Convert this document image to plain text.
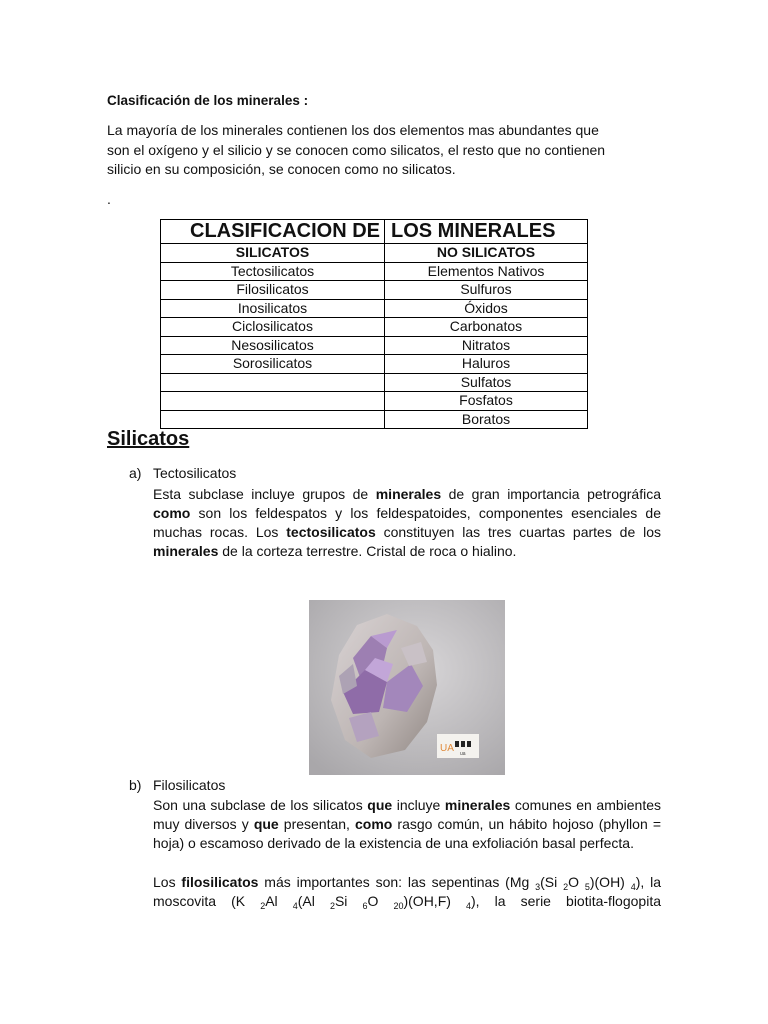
Clasificación de los minerales :
La mayoría de los minerales contienen los dos elementos mas abundantes que
son el oxígeno y el silicio y se conocen como silicatos, el resto que no contienen
silicio en su composición, se conocen como no silicatos.
.
CLASIFICACION DE	LOS MINERALES
SILICATOS	NO SILICATOS
Tectosilicatos	Elementos Nativos
Filosilicatos	Sulfuros
Inosilicatos	Óxidos
Ciclosilicatos	Carbonatos
Nesosilicatos	Nitratos
Sorosilicatos	Haluros
	Sulfatos
	Fosfatos
	Boratos
Silicatos
a) Tectosilicatos
Esta subclase incluye grupos de minerales de gran importancia petrográfica como son los feldespatos y los feldespatoides, componentes esenciales de muchas rocas. Los tectosilicatos constituyen las tres cuartas partes de los minerales de la corteza terrestre. Cristal de roca o hialino.
UA ua
b) Filosilicatos
Son una subclase de los silicatos que incluye minerales comunes en ambientes muy diversos y que presentan, como rasgo común, un hábito hojoso (phyllon = hoja) o escamoso derivado de la existencia de una exfoliación basal perfecta.
Los filosilicatos más importantes son: las sepentinas (Mg $_3$(Si $_2$O $_5$)(OH) $_4$), la moscovita (K $_2$Al $_4$(Al $_2$Si $_6$O $_{20}$)(OH,F) $_4$), la serie biotita-flogopita
